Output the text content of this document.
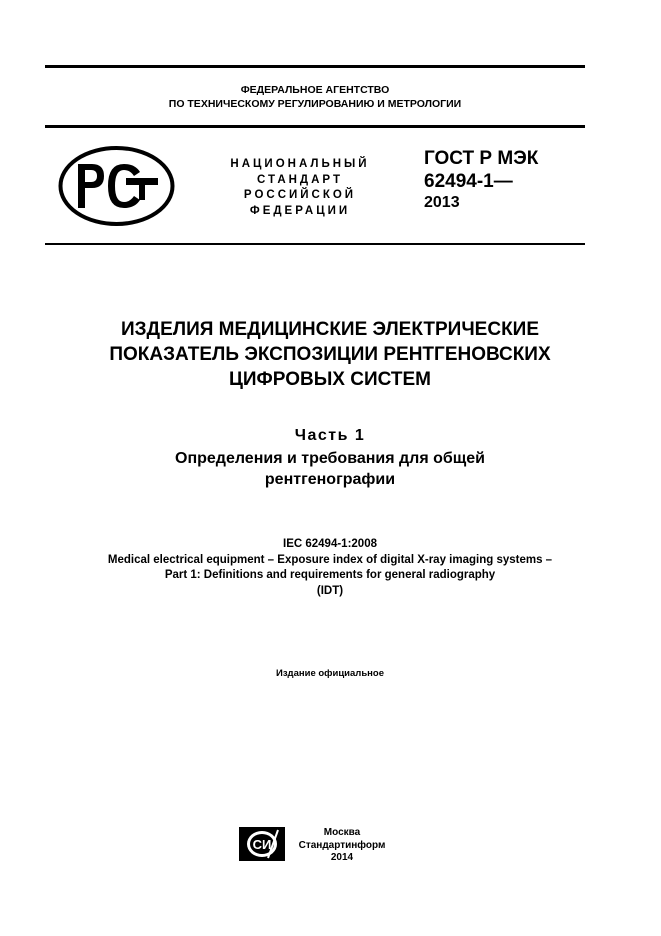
ФЕДЕРАЛЬНОЕ АГЕНТСТВО
ПО ТЕХНИЧЕСКОМУ РЕГУЛИРОВАНИЮ И МЕТРОЛОГИИ
НАЦИОНАЛЬНЫЙ
СТАНДАРТ
РОССИЙСКОЙ
ФЕДЕРАЦИИ
ГОСТ Р МЭК
62494-1—
2013
ИЗДЕЛИЯ МЕДИЦИНСКИЕ ЭЛЕКТРИЧЕСКИЕ
ПОКАЗАТЕЛЬ ЭКСПОЗИЦИИ РЕНТГЕНОВСКИХ
ЦИФРОВЫХ СИСТЕМ
Часть 1
Определения и требования для общей
рентгенографии
IEC 62494-1:2008
Medical electrical equipment – Exposure index of digital X-ray imaging systems –
Part 1: Definitions and requirements for general radiography
(IDT)
Издание официальное
СИ
Москва
Стандартинформ
2014
